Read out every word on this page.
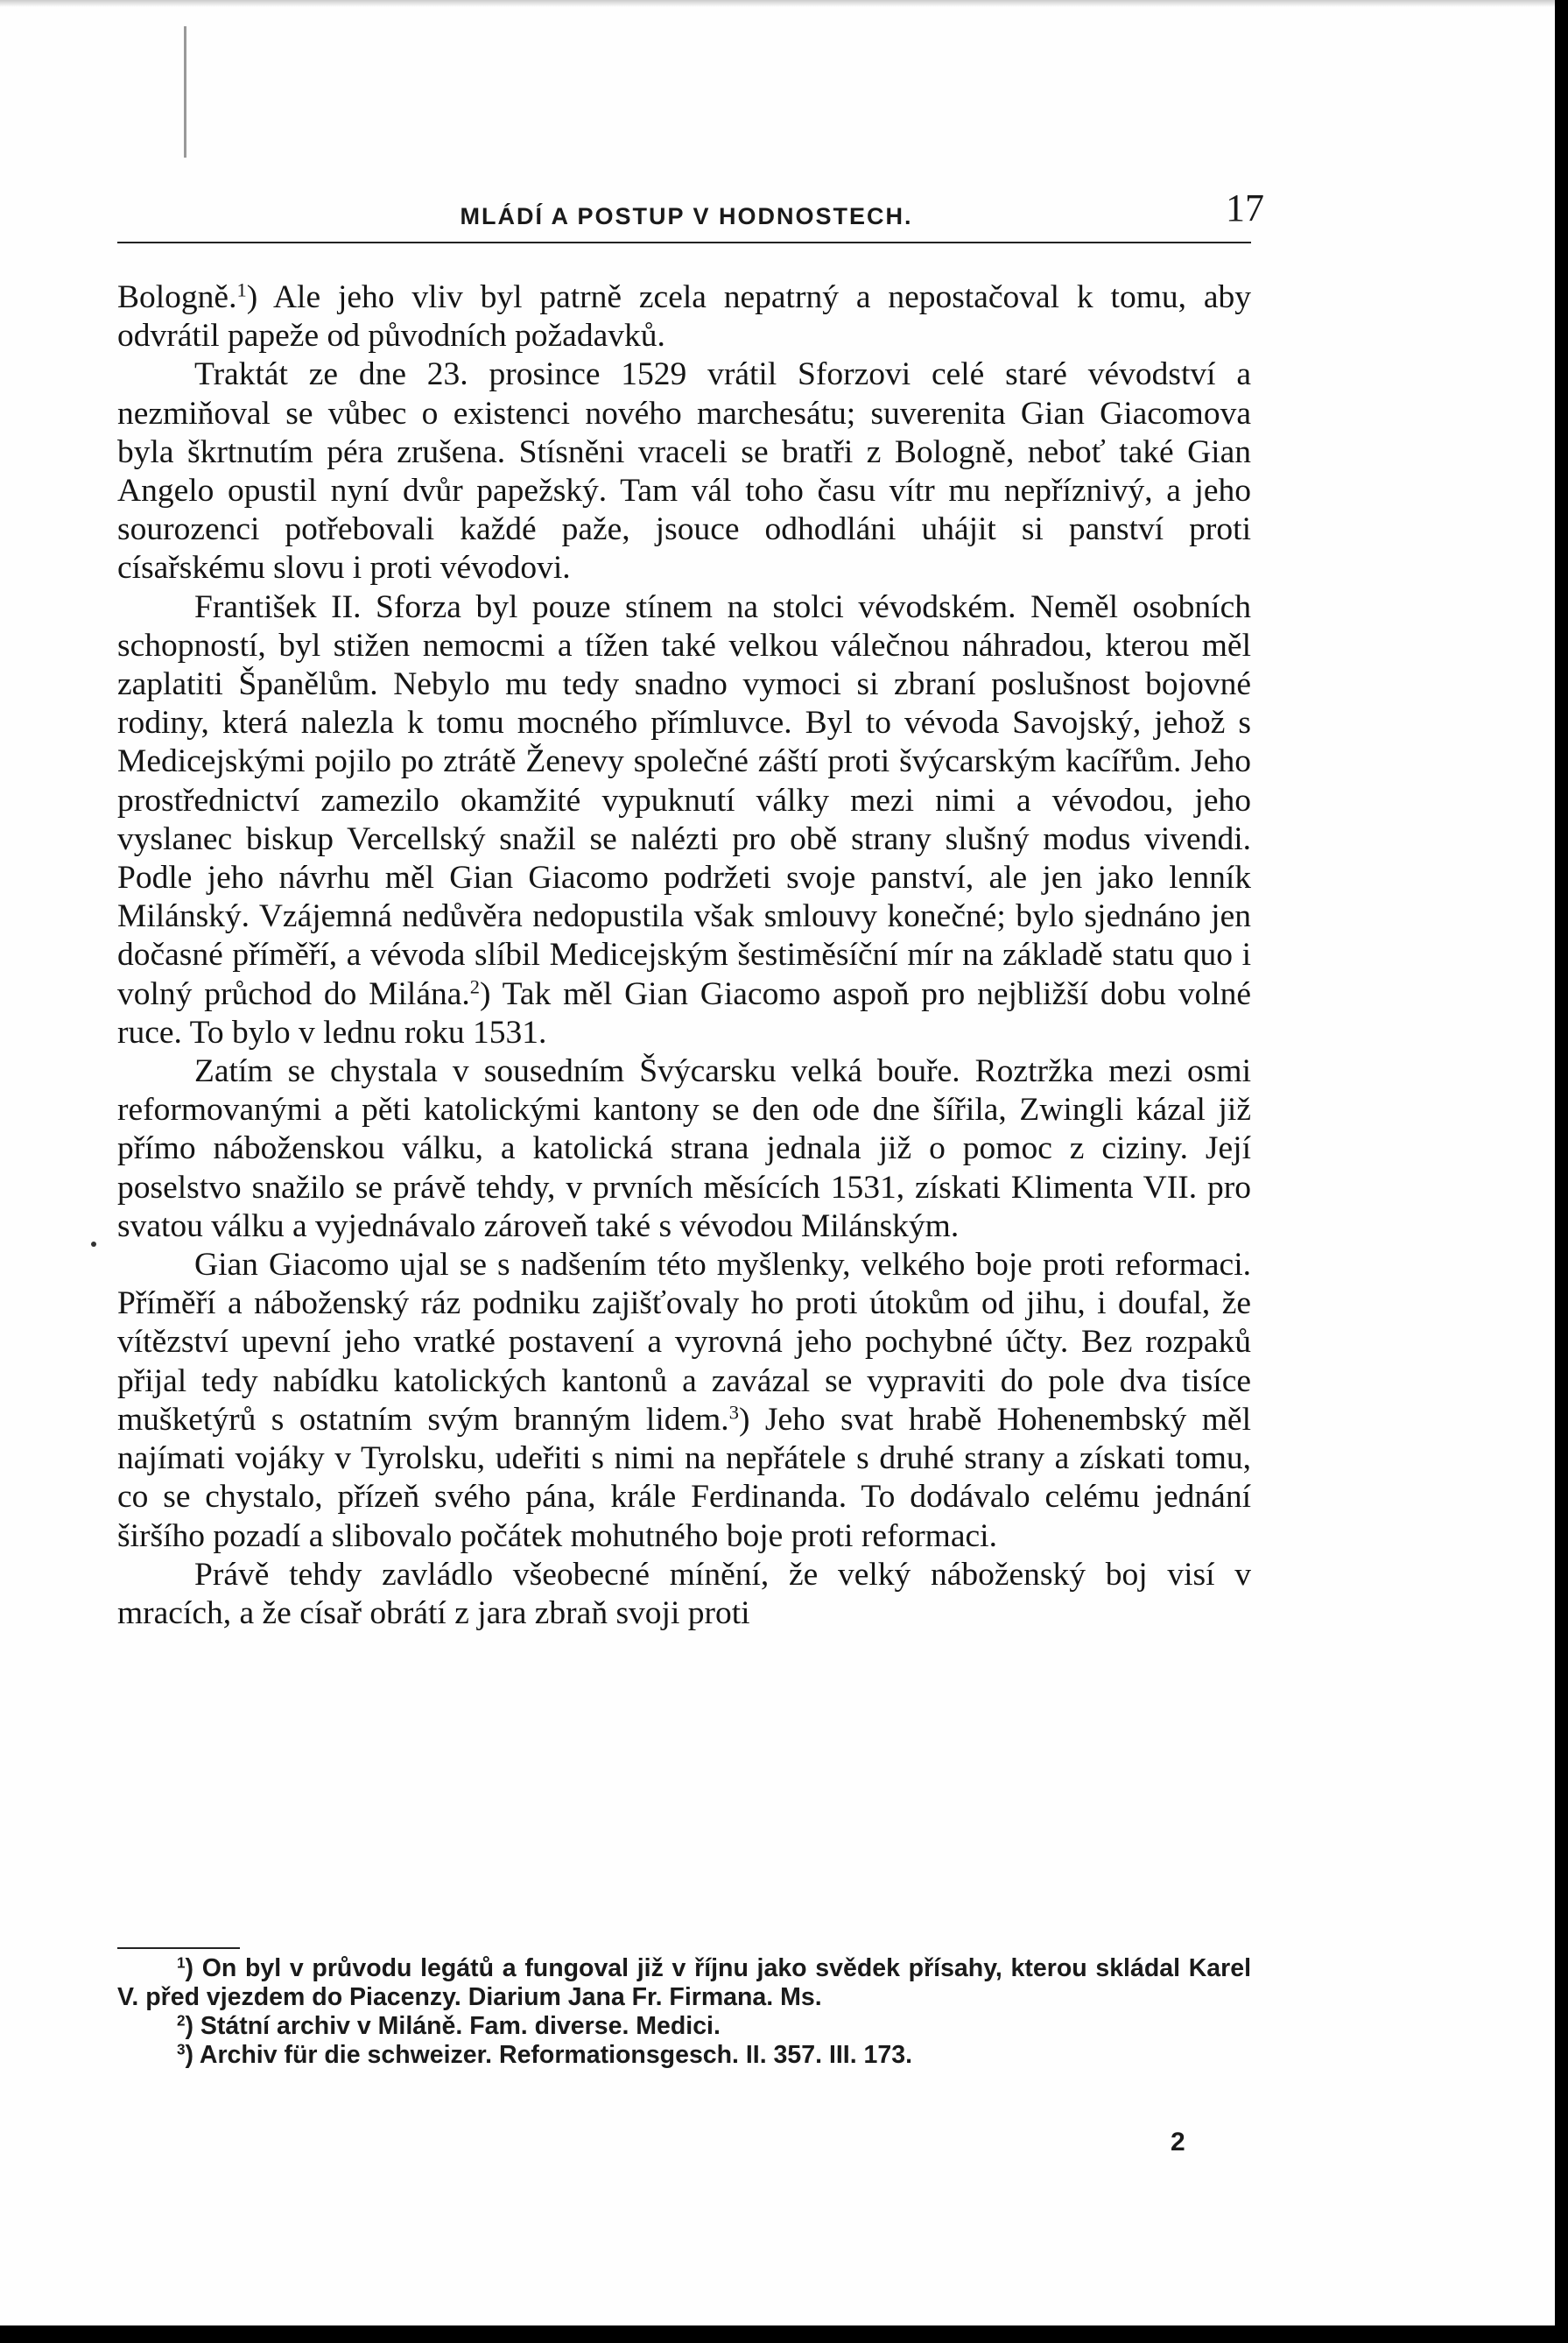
MLÁDÍ A POSTUP V HODNOSTECH.	17

Bologně.$^1$) Ale jeho vliv byl patrně zcela nepatrný a nepostačoval k tomu, aby odvrátil papeže od původních požadavků.

Traktát ze dne 23. prosince 1529 vrátil Sforzovi celé staré vévodství a nezmiňoval se vůbec o existenci nového marchesátu; suverenita Gian Giacomova byla škrtnutím péra zrušena. Stísněni vraceli se bratři z Bologně, neboť také Gian Angelo opustil nyní dvůr papežský. Tam vál toho času vítr mu nepříznivý, a jeho sourozenci potřebovali každé paže, jsouce odhodláni uhájit si panství proti císařskému slovu i proti vévodovi.

František II. Sforza byl pouze stínem na stolci vévodském. Neměl osobních schopností, byl stižen nemocmi a tížen také velkou válečnou náhradou, kterou měl zaplatiti Španělům. Nebylo mu tedy snadno vymoci si zbraní poslušnost bojovné rodiny, která nalezla k tomu mocného přímluvce. Byl to vévoda Savojský, jehož s Medicejskými pojilo po ztrátě Ženevy společné záští proti švýcarským kacířům. Jeho prostřednictví zamezilo okamžité vypuknutí války mezi nimi a vévodou, jeho vyslanec biskup Vercellský snažil se nalézti pro obě strany slušný modus vivendi. Podle jeho návrhu měl Gian Giacomo podržeti svoje panství, ale jen jako lenník Milánský. Vzájemná nedůvěra nedopustila však smlouvy konečné; bylo sjednáno jen dočasné příměří, a vévoda slíbil Medicejským šestiměsíční mír na základě statu quo i volný průchod do Milána.$^2$) Tak měl Gian Giacomo aspoň pro nejbližší dobu volné ruce. To bylo v lednu roku 1531.

Zatím se chystala v sousedním Švýcarsku velká bouře. Roztržka mezi osmi reformovanými a pěti katolickými kantony se den ode dne šířila, Zwingli kázal již přímo náboženskou válku, a katolická strana jednala již o pomoc z ciziny. Její poselstvo snažilo se právě tehdy, v prvních měsících 1531, získati Klimenta VII. pro svatou válku a vyjednávalo zároveň také s vévodou Milánským.

Gian Giacomo ujal se s nadšením této myšlenky, velkého boje proti reformaci. Příměří a náboženský ráz podniku zajišťovaly ho proti útokům od jihu, i doufal, že vítězství upevní jeho vratké postavení a vyrovná jeho pochybné účty. Bez rozpaků přijal tedy nabídku katolických kantonů a zavázal se vypraviti do pole dva tisíce mušketýrů s ostatním svým branným lidem.$^3$) Jeho svat hrabě Hohenembský měl najímati vojáky v Tyrolsku, udeřiti s nimi na nepřátele s druhé strany a získati tomu, co se chystalo, přízeň svého pána, krále Ferdinanda. To dodávalo celému jednání širšího pozadí a slibovalo počátek mohutného boje proti reformaci.

Právě tehdy zavládlo všeobecné mínění, že velký náboženský boj visí v mracích, a že císař obrátí z jara zbraň svoji proti

$^1$) On byl v průvodu legátů a fungoval již v říjnu jako svědek přísahy, kterou skládal Karel V. před vjezdem do Piacenzy. Diarium Jana Fr. Firmana. Ms.

$^2$) Státní archiv v Miláně. Fam. diverse. Medici.

$^3$) Archiv für die schweizer. Reformationsgesch. II. 357. III. 173.

2
